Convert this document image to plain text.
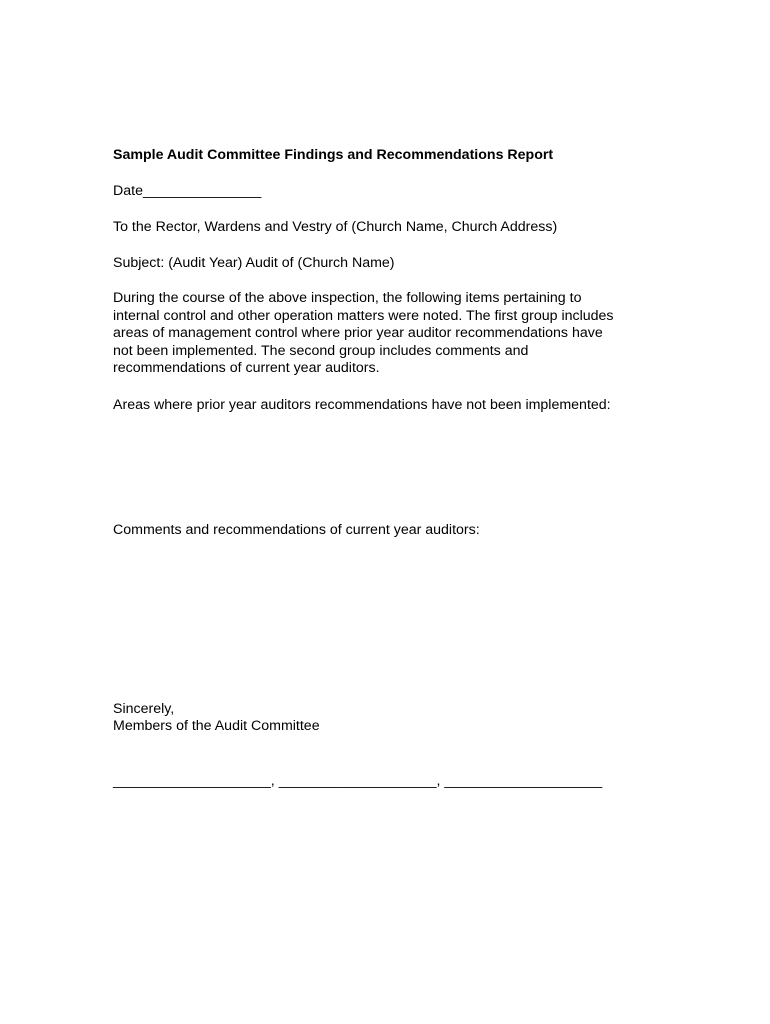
Sample Audit Committee Findings and Recommendations Report
Date_______________
To the Rector, Wardens and Vestry of (Church Name, Church Address)
Subject: (Audit Year) Audit of (Church Name)
During the course of the above inspection, the following items pertaining to
internal control and other operation matters were noted. The first group includes
areas of management control where prior year auditor recommendations have
not been implemented. The second group includes comments and
recommendations of current year auditors.
Areas where prior year auditors recommendations have not been implemented:
Comments and recommendations of current year auditors:
Sincerely,
Members of the Audit Committee
____________________, ____________________, ____________________
